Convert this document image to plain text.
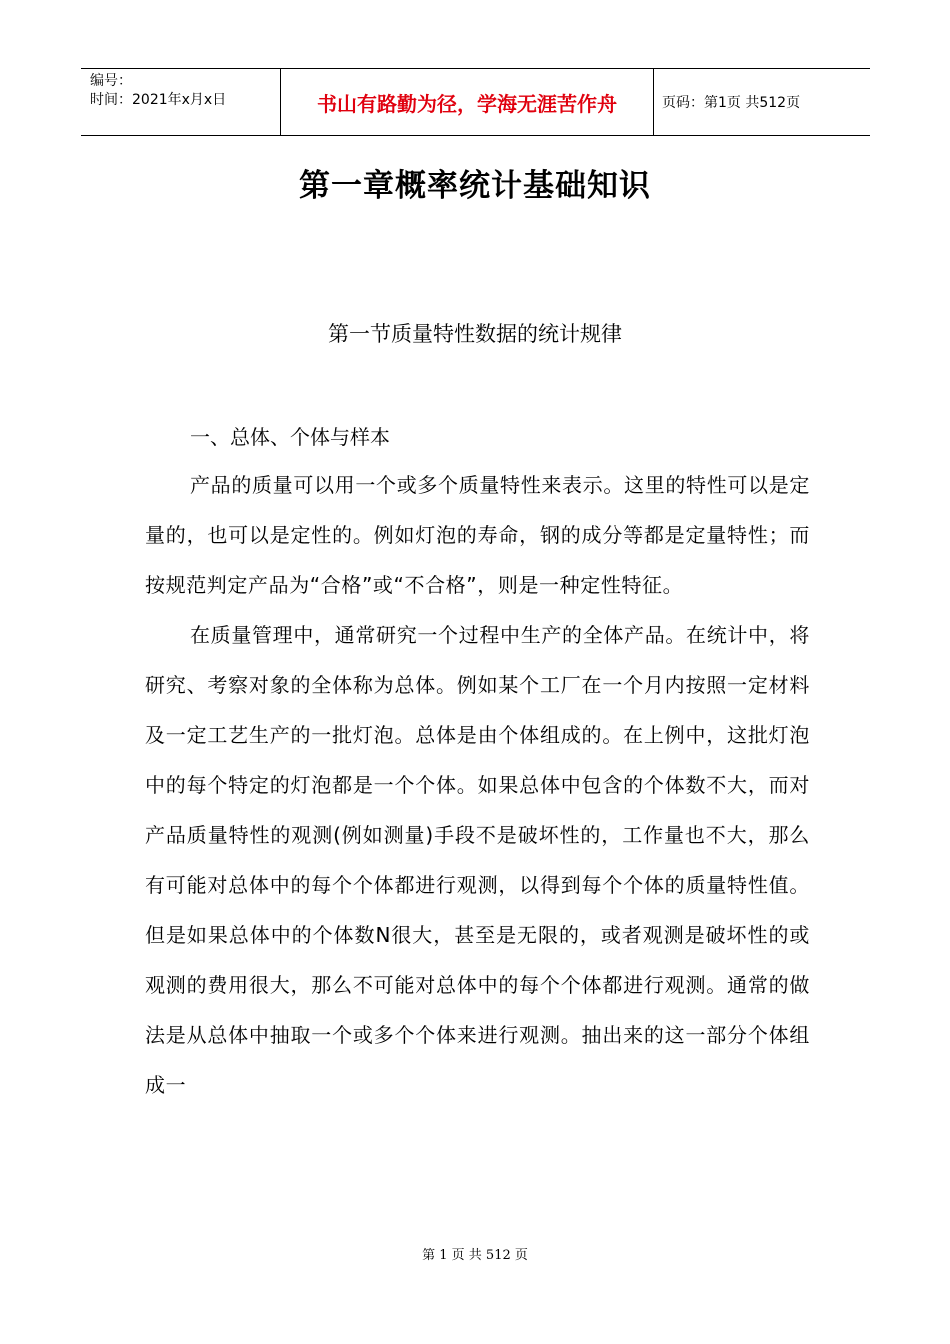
编号：
时间：2021年x月x日	书山有路勤为径，学海无涯苦作舟	页码：第1页 共512页
第一章概率统计基础知识
第一节质量特性数据的统计规律
一、总体、个体与样本

产品的质量可以用一个或多个质量特性来表示。这里的特性可以是定量的，也可以是定性的。例如灯泡的寿命，钢的成分等都是定量特性；而按规范判定产品为“合格”或“不合格”，则是一种定性特征。

在质量管理中，通常研究一个过程中生产的全体产品。在统计中，将研究、考察对象的全体称为总体。例如某个工厂在一个月内按照一定材料及一定工艺生产的一批灯泡。总体是由个体组成的。在上例中，这批灯泡中的每个特定的灯泡都是一个个体。如果总体中包含的个体数不大，而对产品质量特性的观测(例如测量)手段不是破坏性的，工作量也不大，那么有可能对总体中的每个个体都进行观测，以得到每个个体的质量特性值。但是如果总体中的个体数N很大，甚至是无限的，或者观测是破坏性的或观测的费用很大，那么不可能对总体中的每个个体都进行观测。通常的做法是从总体中抽取一个或多个个体来进行观测。抽出来的这一部分个体组成一

第 1 页 共 512 页
